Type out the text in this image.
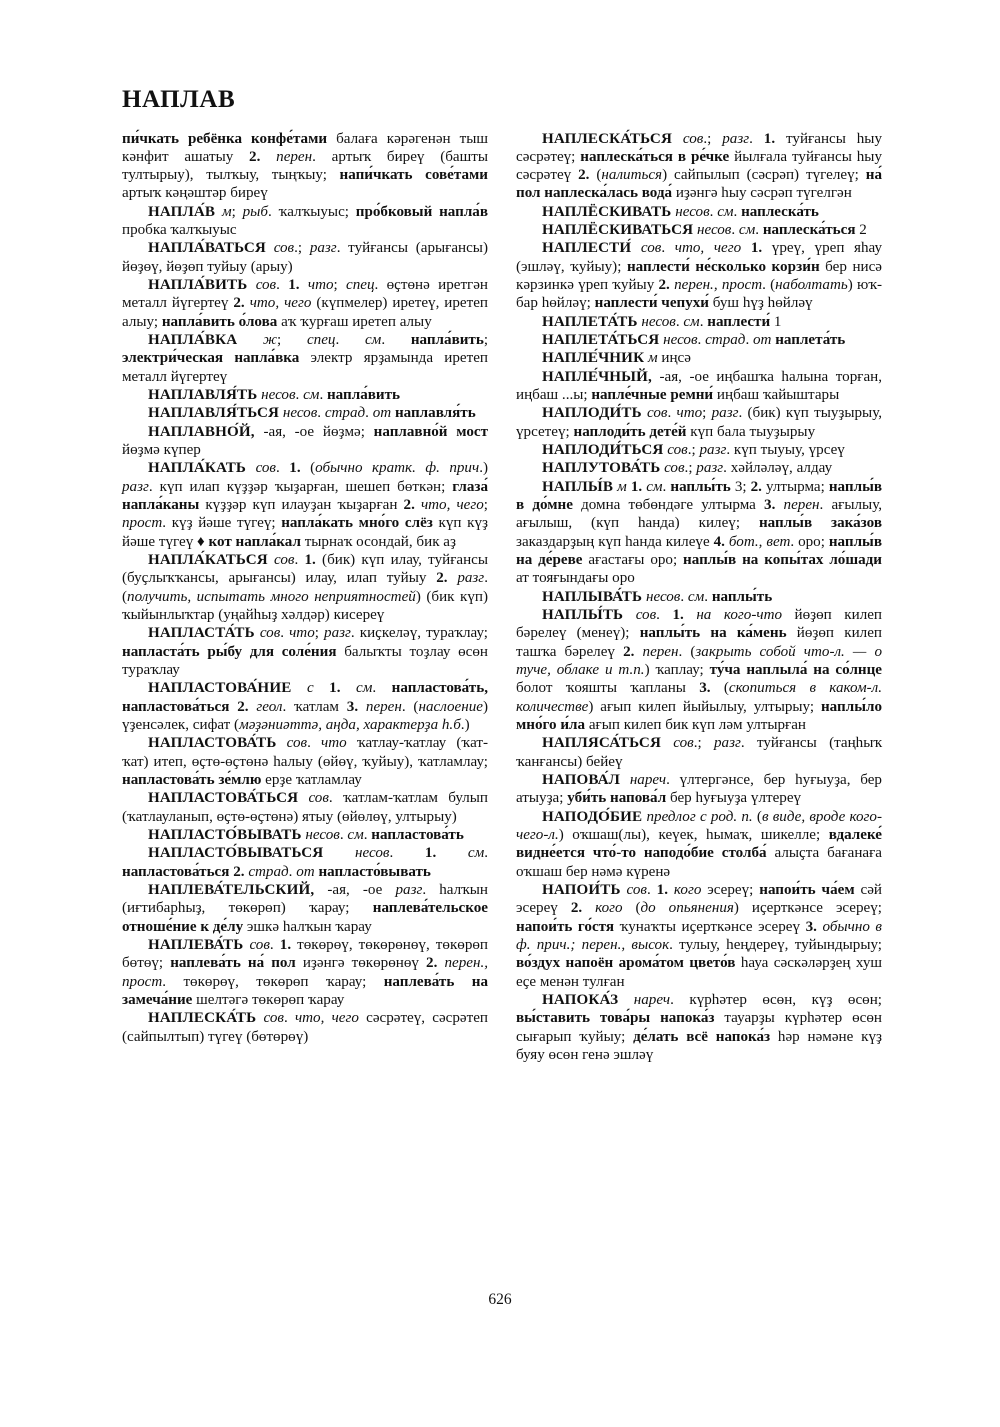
НАПЛАВ

пи́чкать ребёнка конфе́тами балаға кәрәгенән тыш кәнфит ашатыу 2. перен. артыҡ биреү (башты тултырыу), тылҡыу, тыңҡыу; напи́чкать сове́тами артыҡ кәңәштәр биреү

НАПЛА́В м; рыб. ҡалҡыуыс; про́бковый напла́в пробка ҡалҡыуыс

НАПЛА́ВАТЬСЯ сов.; разг. туйғансы (арығансы) йөҙөү, йөҙөп туйыу (арыу)

НАПЛА́ВИТЬ сов. 1. что; спец. өҫтөнә иретгән металл йүгертеү 2. что, чего (күпмелер) иретеү, иретеп алыу; напла́вить о́лова аҡ ҡурғаш иретеп алыу

НАПЛА́ВКА ж; спец. см. напла́вить; электри́ческая напла́вка электр ярҙамында иретеп металл йүгертеү

НАПЛАВЛЯ́ТЬ несов. см. напла́вить

НАПЛАВЛЯ́ТЬСЯ несов. страд. от наплавля́ть

НАПЛАВНО́Й, -ая, -ое йөҙмә; наплавно́й мост йөҙмә күпер

НАПЛА́КАТЬ сов. 1. (обычно кратк. ф. прич.) разг. күп илап күҙҙәр ҡыҙарған, шешеп бөткән; глаза́ напла́каны күҙҙәр күп илауҙан ҡыҙарған 2. что, чего; прост. күҙ йәше түгеү; напла́кать мно́го слёз күп күҙ йәше түгеү ♦ кот напла́кал тырнаҡ осондай, бик аҙ

НАПЛА́КАТЬСЯ сов. 1. (бик) күп илау, туйғансы (буҫлыҡҡансы, арығансы) илау, илап туйыу 2. разг. (получить, испытать много неприятностей) (бик күп) ҡыйынлыҡтар (уңайһыҙ хәлдәр) кисереү

НАПЛАСТА́ТЬ сов. что; разг. киҫкеләү, тураҡлау; напласта́ть ры́бу для соле́ния балыҡты тоҙлау өсөн тураҡлау

НАПЛАСТОВА́НИЕ с 1. см. напластова́ть, напластова́ться 2. геол. ҡатлам 3. перен. (наслоение) үҙенсәлек, сифат (мәҙәниәттә, аңда, характерҙа һ.б.)

НАПЛАСТОВА́ТЬ сов. что ҡатлау-ҡатлау (ҡат-ҡат) итеп, өҫтө-өҫтөнә һалыу (өйөү, ҡуйыу), ҡатламлау; напластова́ть зе́млю ерҙе ҡатламлау

НАПЛАСТОВА́ТЬСЯ сов. ҡатлам-ҡатлам булып (ҡатлауланып, өҫтө-өҫтөнә) ятыу (өйөлөү, ултырыу)

НАПЛАСТО́ВЫВАТЬ несов. см. напластова́ть

НАПЛАСТО́ВЫВАТЬСЯ несов. 1. см. напластова́ться 2. страд. от напласто́вывать

НАПЛЕВА́ТЕЛЬСКИЙ, -ая, -ое разг. һалҡын (иғтибарһыҙ, төкөрөп) ҡарау; наплева́тельское отноше́ние к де́лу эшкә һалҡын ҡарау

НАПЛЕВА́ТЬ сов. 1. төкөрөү, төкөрөнөү, төкөрөп бөтөү; наплева́ть на́ пол иҙәнгә төкөрөнөү 2. перен., прост. төкөрөү, төкөрөп ҡарау; наплева́ть на замеча́ние шелтәгә төкөрөп ҡарау

НАПЛЕСКА́ТЬ сов. что, чего сәсрәтеү, сәсрәтеп (сайпылтып) түгеү (бөтөрөү)

НАПЛЕСКА́ТЬСЯ сов.; разг. 1. туйғансы һыу сәсрәтеү; наплеска́ться в ре́чке йылғала туйғансы һыу сәсрәтеү 2. (налиться) сайпылып (сәсрәп) түгелеү; на́ пол наплеска́лась вода́ иҙәнгә һыу сәсрәп түгелгән

НАПЛЁСКИВАТЬ несов. см. наплеска́ть

НАПЛЁСКИВАТЬСЯ несов. см. наплеска́ться 2

НАПЛЕСТИ́ сов. что, чего 1. үреү, үреп яһау (эшләү, ҡуйыу); наплести́ не́сколько корзи́н бер нисә кәрзинкә үреп ҡуйыу 2. перен., прост. (наболтать) юҡ-бар һөйләү; наплести́ чепухи́ буш һүҙ һөйләү

НАПЛЕТА́ТЬ несов. см. наплести́ 1

НАПЛЕТА́ТЬСЯ несов. страд. от наплета́ть

НАПЛЕ́ЧНИК м иңсә

НАПЛЕ́ЧНЫЙ, -ая, -ое иңбашҡа һалына торған, иңбаш ...ы; напле́чные ремни́ иңбаш ҡайыштары

НАПЛОДИ́ТЬ сов. что; разг. (бик) күп тыуҙырыу, үрсетеү; наплоди́ть дете́й күп бала тыуҙырыу

НАПЛОДИ́ТЬСЯ сов.; разг. күп тыуыу, үрсеү

НАПЛУТОВА́ТЬ сов.; разг. хәйләләү, алдау

НАПЛЫ́В м 1. см. наплы́ть 3; 2. ултырма; наплы́в в до́мне домна төбөндәге ултырма 3. перен. ағылыу, ағылыш, (күп һанда) килеү; наплы́в зака́зов заказдарҙың күп һанда килеүе 4. бот., вет. оро; наплы́в на де́реве ағастағы оро; наплы́в на копы́тах ло́шади ат тояғындағы оро

НАПЛЫВА́ТЬ несов. см. наплы́ть

НАПЛЫ́ТЬ сов. 1. на кого-что йөҙөп килеп бәрелеү (менеү); наплы́ть на ка́мень йөҙөп килеп ташҡа бәрелеү 2. перен. (закрыть собой что-л. — о туче, облаке и т.п.) ҡаплау; ту́ча наплыла́ на со́лнце болот ҡояшты ҡапланы 3. (скопиться в каком-л. количестве) ағып килеп йыйылыу, ултырыу; наплы́ло мно́го и́ла ағып килеп бик күп ләм ултырған

НАПЛЯСА́ТЬСЯ сов.; разг. туйғансы (таңһыҡ ҡанғансы) бейеү

НАПОВА́Л нареч. үлтергәнсе, бер һуғыуҙа, бер атыуҙа; уби́ть напова́л бер һуғыуҙа үлтереү

НАПОДО́БИЕ предлог с род. п. (в виде, вроде кого-чего-л.) оҡшаш(лы), кеүек, һымаҡ, шикелле; вдалеке́ видне́ется что́-то наподо́бие столба́ алыҫта бағанаға оҡшаш бер нәмә күренә

НАПОИ́ТЬ сов. 1. кого эсереү; напои́ть ча́ем сәй эсереү 2. кого (до опьянения) иҫерткәнсе эсереү; напои́ть го́стя ҡунаҡты иҫерткәнсе эсереү 3. обычно в ф. прич.; перен., высок. тулыу, һеңдереү, туйындырыу; во́здух напоён арома́том цвето́в һауа сәскәләрҙең хуш еҫе менән тулған

НАПОКА́З нареч. күрһәтер өсөн, күҙ өсөн; вы́ставить това́ры напока́з тауарҙы күрһәтер өсөн сығарып ҡуйыу; де́лать всё напока́з һәр нәмәне күҙ буяу өсөн генә эшләү

626
